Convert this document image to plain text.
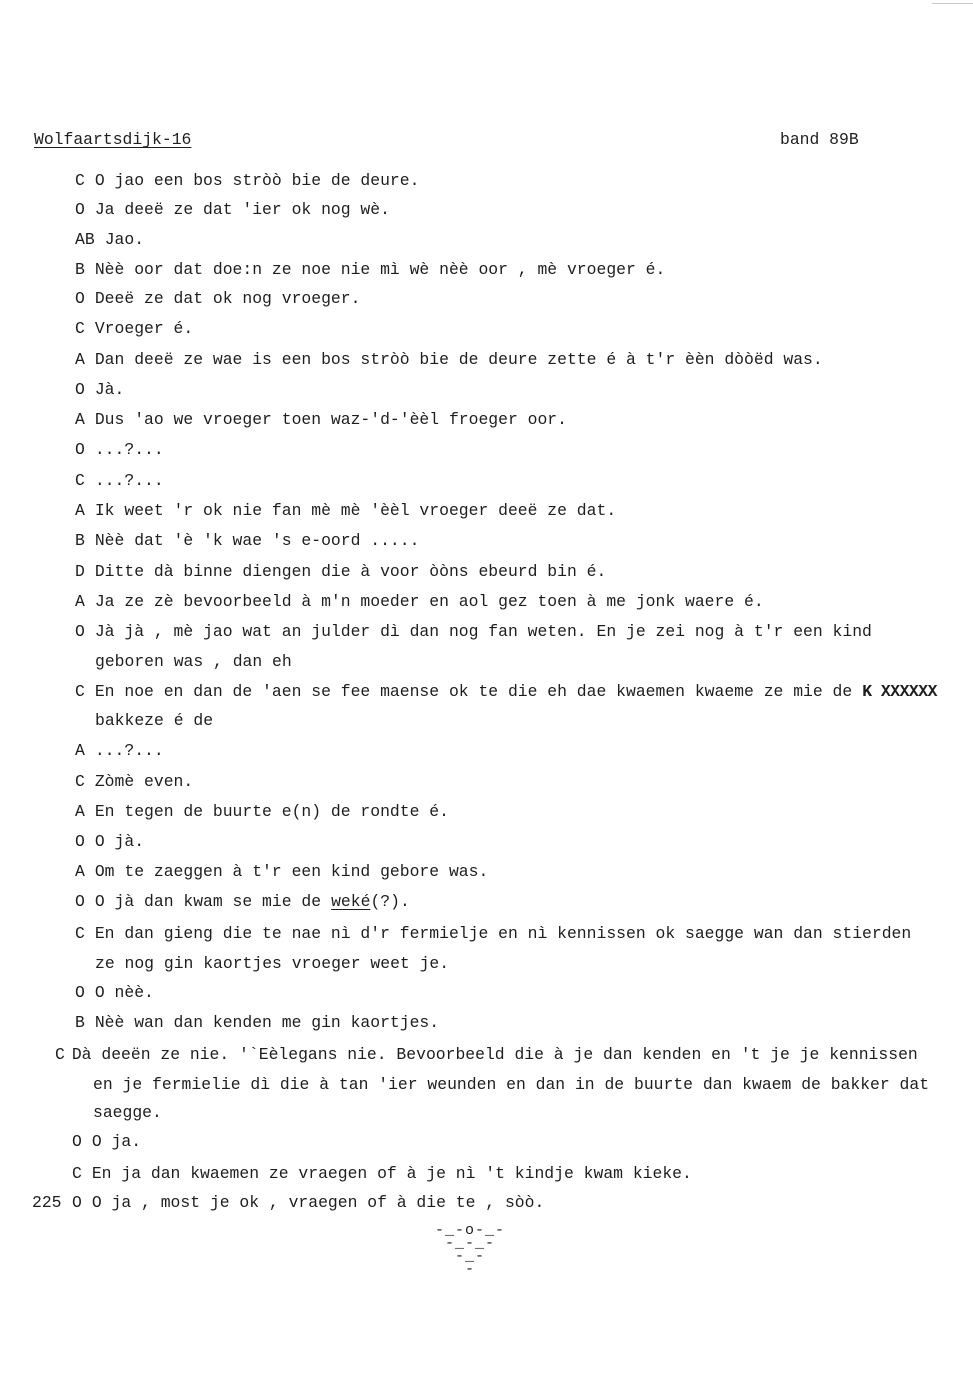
Wolfaartsdijk-16	band 89B
C O jao een bos stròò bie de deure.
O Ja deeë ze dat 'ier ok nog wè.
AB Jao.
B Nèè oor dat doe:n ze noe nie mì wè nèè oor , mè vroeger é.
O Deeë ze dat ok nog vroeger.
C Vroeger é.
A Dan deeë ze wae is een bos stròò bie de deure zette é à t'r èèn dòòëd was.
O Jà.
A Dus 'ao we vroeger toen waz-'d-'èèl froeger oor.
O ...?...
C ...?...
A Ik weet 'r ok nie fan mè mè 'èèl vroeger deeë ze dat.
B Nèè dat 'è 'k wae 's e-oord .....
D Ditte dà binne diengen die à voor òòns ebeurd bin é.
A Ja ze zè bevoorbeeld à m'n moeder en aol gez toen à me jonk waere é.
O Jà jà , mè jao wat an julder dì dan nog fan weten. En je zei nog à t'r een kind
geboren was , dan eh
C En noe en dan de 'aen se fee maense ok te die eh dae kwaemen kwaeme ze mie de K XXXXXX
bakkeze é de
A ...?...
C Zòmè even.
A En tegen de buurte e(n) de rondte é.
O O jà.
A Om te zaeggen à t'r een kind gebore was.
O O jà dan kwam se mie de weké(?).
C En dan gieng die te nae nì d'r fermielje en nì kennissen ok saegge wan dan stierden
ze nog gin kaortjes vroeger weet je.
O O nèè.
B Nèè wan dan kenden me gin kaortjes.
C Dà deeën ze nie. '`Eèlegans nie. Bevoorbeeld die à je dan kenden en 't je je kennissen
en je fermielie dì die à tan 'ier weunden en dan in de buurte dan kwaem de bakker dat
saegge.
O O ja.
C En ja dan kwaemen ze vraegen of à je nì 't kindje kwam kieke.
225 O O ja , most je ok , vraegen of à die te , sòò.
-_-o-_-
-_-_-
-_-
-
